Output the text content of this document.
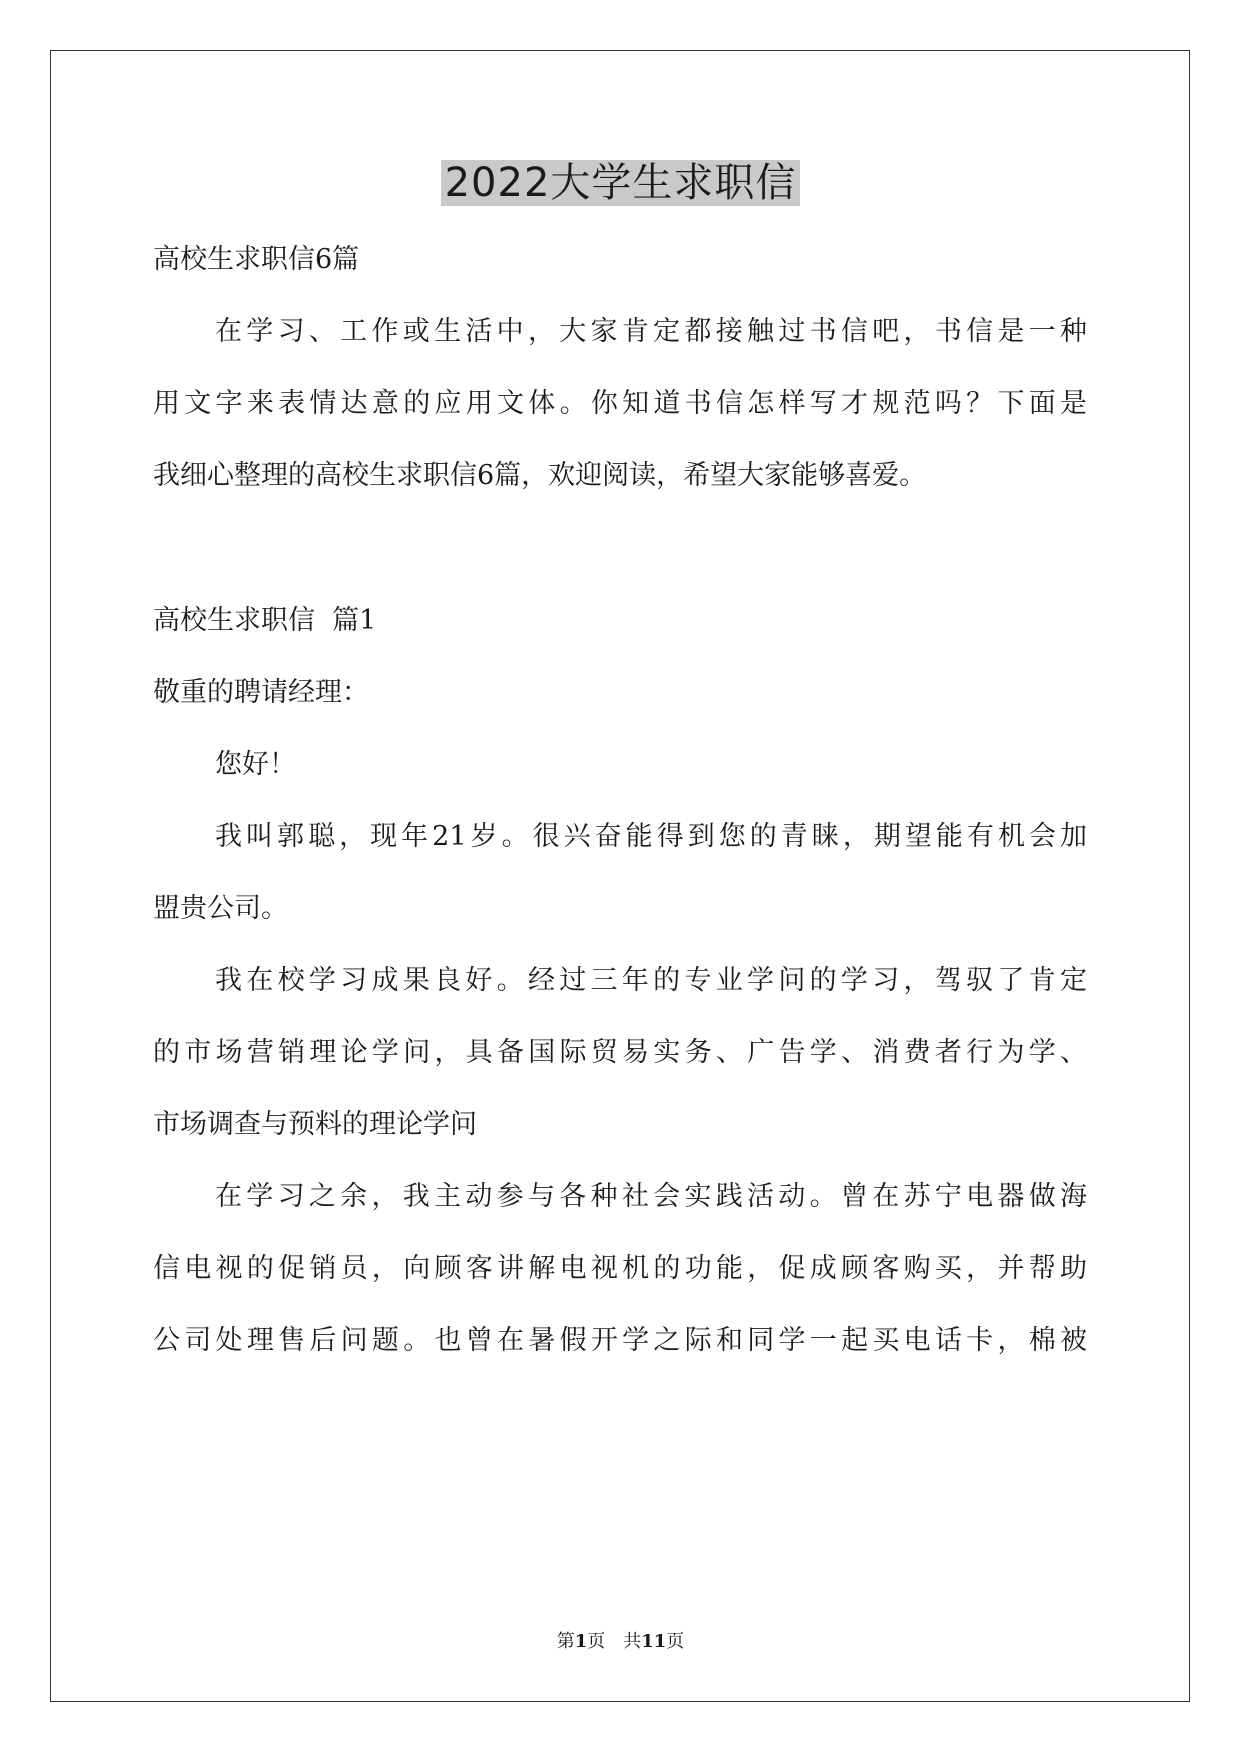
2022大学生求职信
高校生求职信6篇
在学习、工作或生活中，大家肯定都接触过书信吧，书信是一种
用文字来表情达意的应用文体。你知道书信怎样写才规范吗？下面是
我细心整理的高校生求职信6篇，欢迎阅读，希望大家能够喜爱。
高校生求职信  篇1
敬重的聘请经理：
您好！
我叫郭聪，现年21岁。很兴奋能得到您的青睐，期望能有机会加
盟贵公司。
我在校学习成果良好。经过三年的专业学问的学习，驾驭了肯定
的市场营销理论学问，具备国际贸易实务、广告学、消费者行为学、
市场调查与预料的理论学问
在学习之余，我主动参与各种社会实践活动。曾在苏宁电器做海
信电视的促销员，向顾客讲解电视机的功能，促成顾客购买，并帮助
公司处理售后问题。也曾在暑假开学之际和同学一起买电话卡，棉被
第1页 共11页
